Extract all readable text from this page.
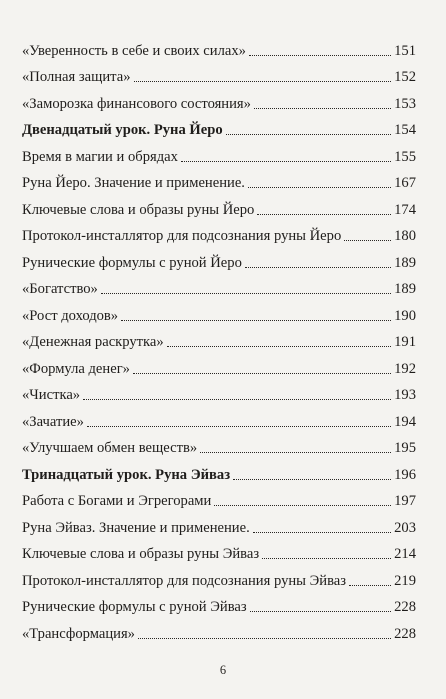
«Уверенность в себе и своих силах»	151
«Полная защита»	152
«Заморозка финансового состояния»	153
Двенадцатый урок. Руна Йеро	154
Время в магии и обрядах	155
Руна Йеро. Значение и применение.	167
Ключевые слова и образы руны Йеро	174
Протокол-инсталлятор для подсознания руны Йеро	180
Рунические формулы с руной Йеро	189
«Богатство»	189
«Рост доходов»	190
«Денежная раскрутка»	191
«Формула денег»	192
«Чистка»	193
«Зачатие»	194
«Улучшаем обмен веществ»	195
Тринадцатый урок. Руна Эйваз	196
Работа с Богами и Эгрегорами	197
Руна Эйваз. Значение и применение.	203
Ключевые слова и образы руны Эйваз	214
Протокол-инсталлятор для подсознания руны Эйваз	219
Рунические формулы с руной Эйваз	228
«Трансформация»	228
6
